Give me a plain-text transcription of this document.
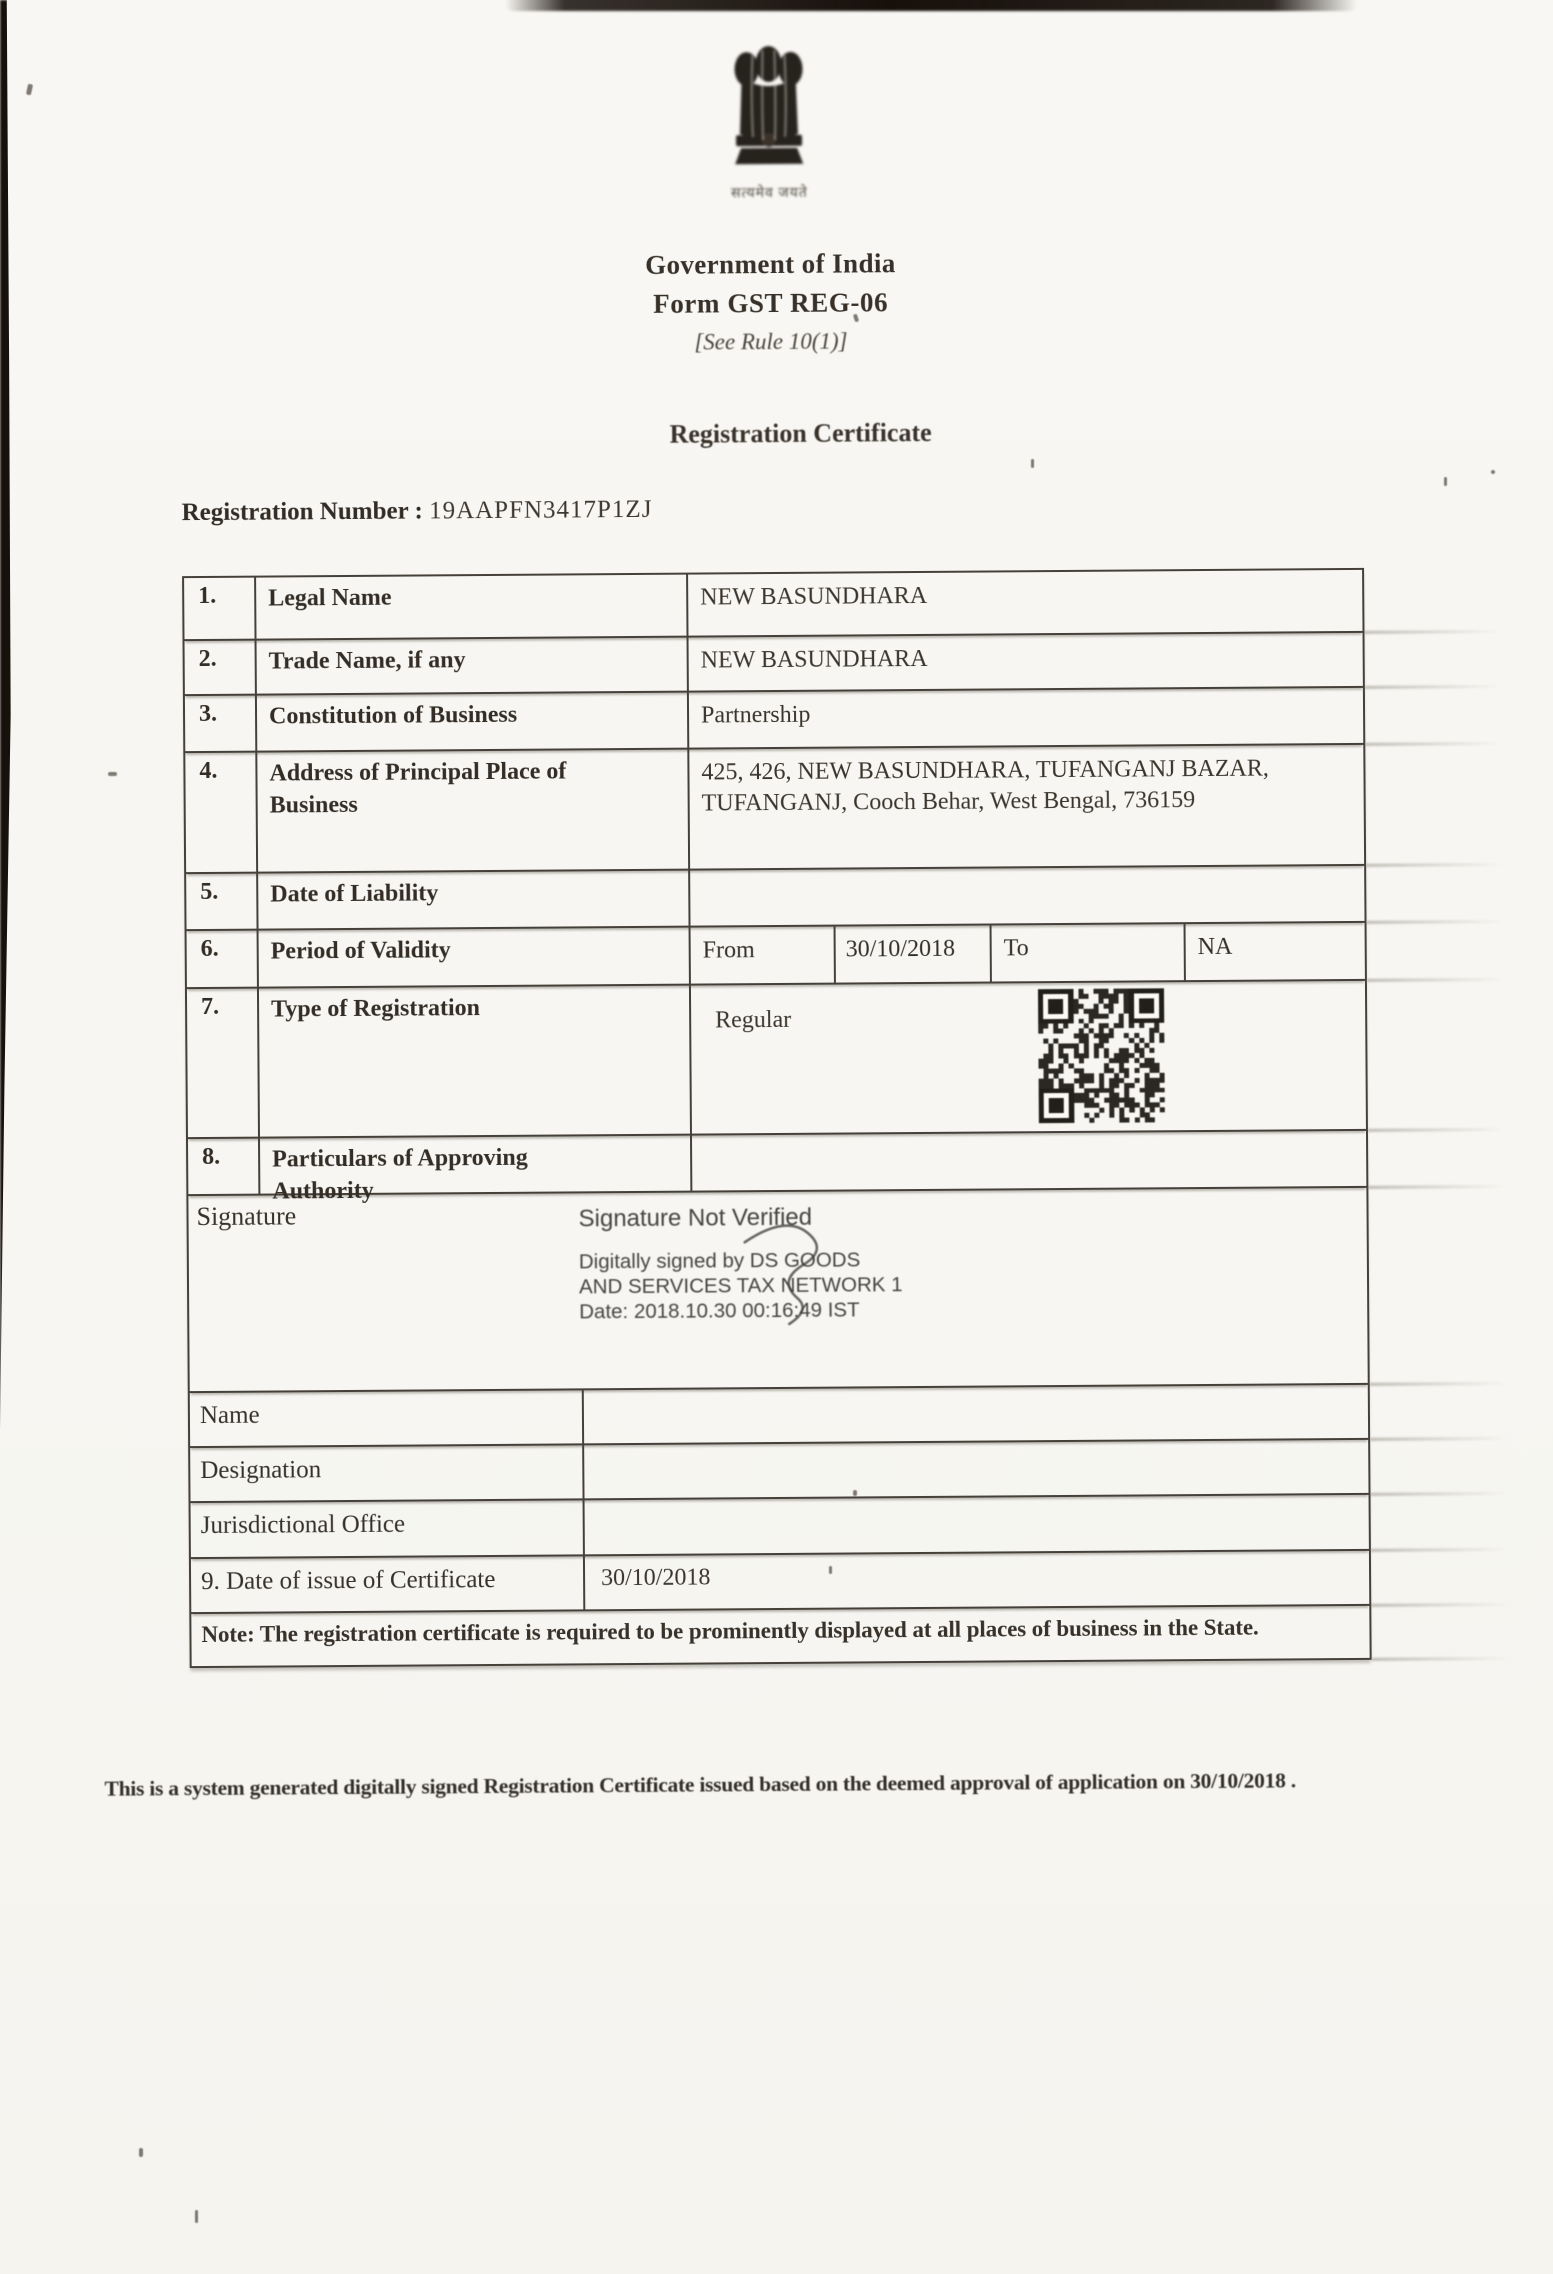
सत्यमेव जयते
Government of India
Form GST REG-06
[See Rule 10(1)]
Registration Certificate
Registration Number : 19AAPFN3417P1ZJ
1.	Legal Name	NEW BASUNDHARA
2.	Trade Name, if any	NEW BASUNDHARA
3.	Constitution of Business	Partnership
4.	Address of Principal Place of Business
425, 426, NEW BASUNDHARA, TUFANGANJ BAZAR, TUFANGANJ, Cooch Behar, West Bengal, 736159
5.	Date of Liability
6.	Period of Validity	From	30/10/2018	To	NA
7.	Type of Registration	Regular
8.	Particulars of Approving Authority
Signature	Signature Not Verified
Digitally signed by DS GOODS
AND SERVICES TAX NETWORK 1
Date: 2018.10.30 00:16:49 IST
Name
Designation
Jurisdictional Office
9. Date of issue of Certificate	30/10/2018
Note: The registration certificate is required to be prominently displayed at all places of business in the State.
This is a system generated digitally signed Registration Certificate issued based on the deemed approval of application on 30/10/2018 .
